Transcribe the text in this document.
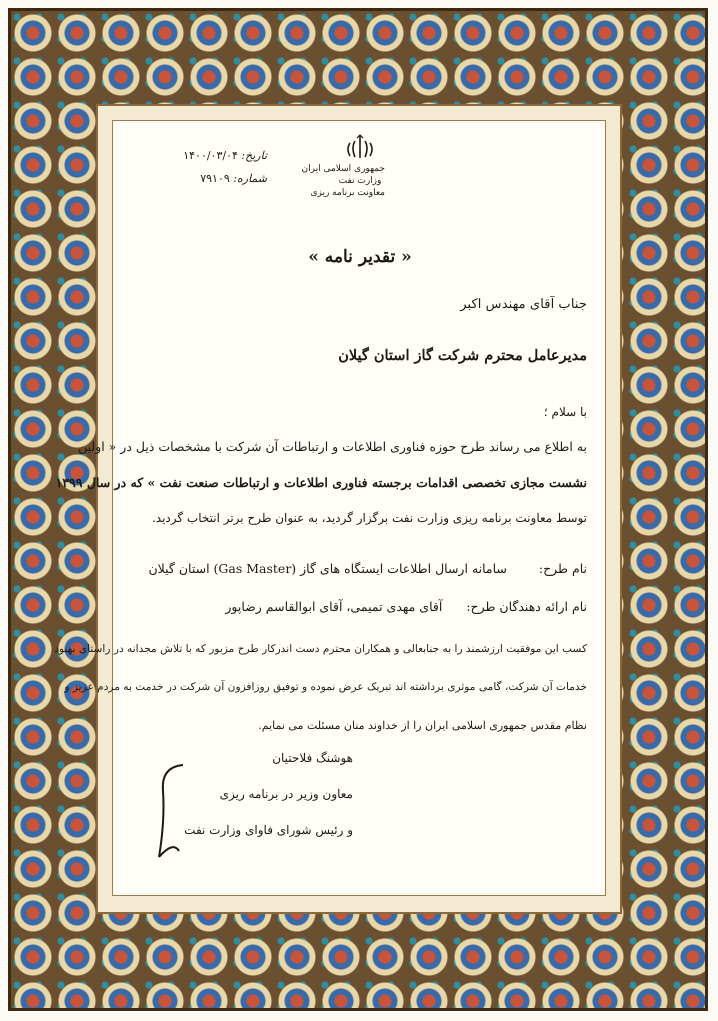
جمهوری اسلامی ایران
وزارت نفت
معاونت برنامه ریزی
تاریخ: ۱۴۰۰/۰۳/۰۴
شماره: ۷۹۱۰۹
« تقدیر نامه »
جناب آقای مهندس اکبر
مدیرعامل محترم شرکت گاز استان گیلان
با سلام ؛
به اطلاع می رساند طرح حوزه فناوری اطلاعات و ارتباطات آن شرکت با مشخصات ذیل در « اولین
نشست مجازی تخصصی اقدامات برجسته فناوری اطلاعات و ارتباطات صنعت نفت » که در سال ۱۳۹۹
توسط معاونت برنامه ریزی وزارت نفت برگزار گردید، به عنوان طرح برتر انتخاب گردید.
نام طرح:  سامانه ارسال اطلاعات ایستگاه های گاز (Gas Master) استان گیلان
نام ارائه دهندگان طرح:  آقای مهدی تمیمی، آقای ابوالقاسم رضاپور
کسب این موفقیت ارزشمند را به جنابعالی و همکاران محترم دست اندرکار طرح مزبور که با تلاش مجدانه در راستای بهبود
خدمات آن شرکت، گامی موثری برداشته اند تبریک عرض نموده و توفیق روزافزون آن شرکت در خدمت به مردم عزیز و
نظام مقدس جمهوری اسلامی ایران را از خداوند منان مسئلت می نمایم.
هوشنگ فلاحتیان
معاون وزیر در برنامه ریزی
و رئیس شورای فاوای وزارت نفت
